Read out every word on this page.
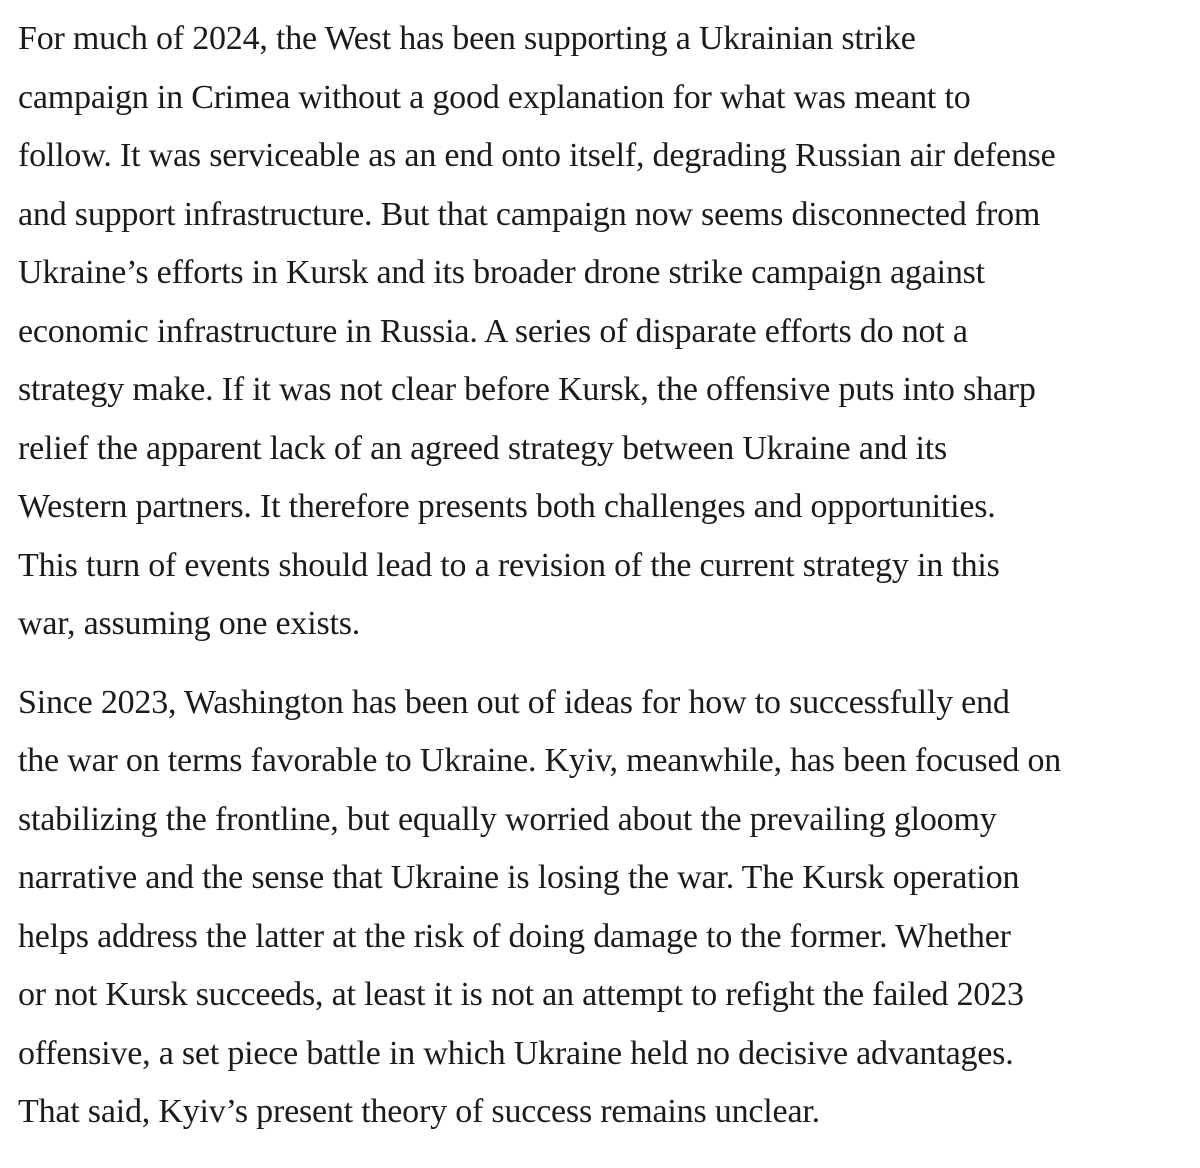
For much of 2024, the West has been supporting a Ukrainian strike
campaign in Crimea without a good explanation for what was meant to
follow. It was serviceable as an end onto itself, degrading Russian air defense
and support infrastructure. But that campaign now seems disconnected from
Ukraine’s efforts in Kursk and its broader drone strike campaign against
economic infrastructure in Russia. A series of disparate efforts do not a
strategy make. If it was not clear before Kursk, the offensive puts into sharp
relief the apparent lack of an agreed strategy between Ukraine and its
Western partners. It therefore presents both challenges and opportunities.
This turn of events should lead to a revision of the current strategy in this
war, assuming one exists.

Since 2023, Washington has been out of ideas for how to successfully end
the war on terms favorable to Ukraine. Kyiv, meanwhile, has been focused on
stabilizing the frontline, but equally worried about the prevailing gloomy
narrative and the sense that Ukraine is losing the war. The Kursk operation
helps address the latter at the risk of doing damage to the former. Whether
or not Kursk succeeds, at least it is not an attempt to refight the failed 2023
offensive, a set piece battle in which Ukraine held no decisive advantages.
That said, Kyiv’s present theory of success remains unclear.
